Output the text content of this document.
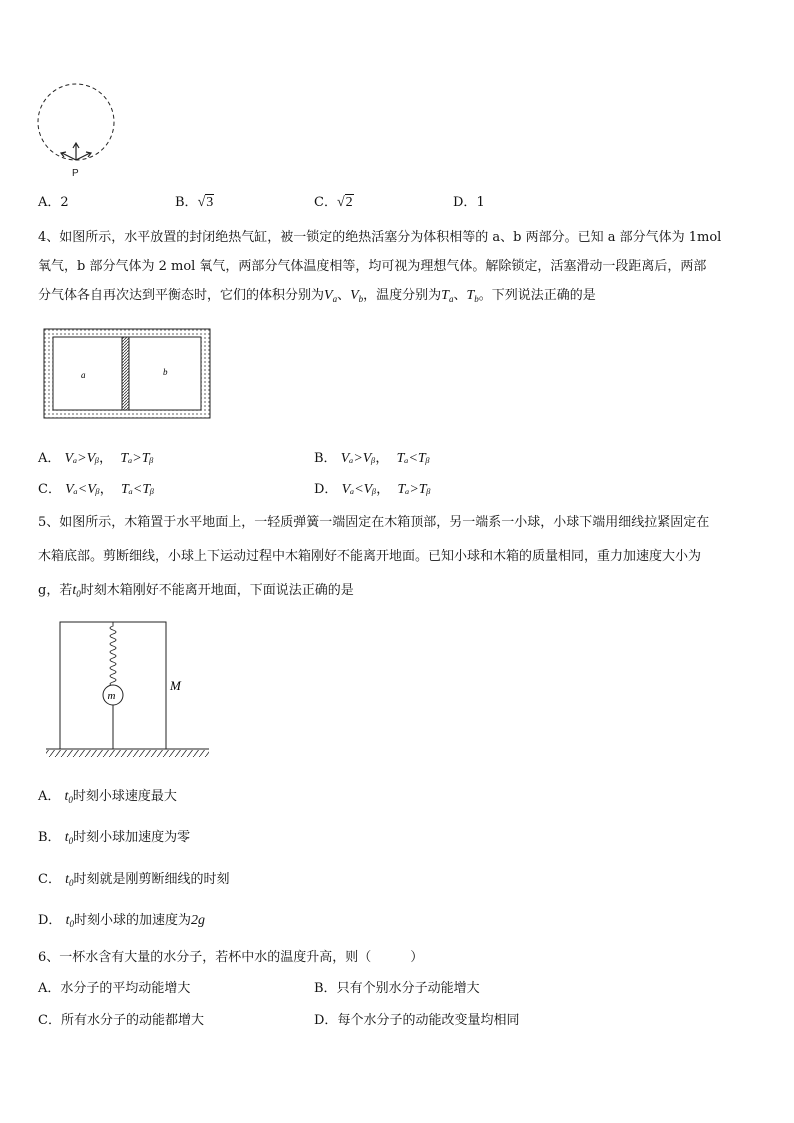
P
A．2	B．√3	C．√2	D．1
4、如图所示，水平放置的封闭绝热气缸，被一锁定的绝热活塞分为体积相等的 a、b 两部分。已知 a 部分气体为 1mol
氧气，b 部分气体为 2 mol 氧气，两部分气体温度相等，均可视为理想气体。解除锁定，活塞滑动一段距离后，两部
分气体各自再次达到平衡态时，它们的体积分别为$V_a$、$V_b$，温度分别为$T_a$、$T_b$。下列说法正确的是
a	b
A． Vₐ>Vᵦ，  Tₐ>Tᵦ	B． Vₐ>Vᵦ，  Tₐ<Tᵦ
C． Vₐ<Vᵦ，  Tₐ<Tᵦ	D． Vₐ<Vᵦ，  Tₐ>Tᵦ
5、如图所示，木箱置于水平地面上，一轻质弹簧一端固定在木箱顶部，另一端系一小球，小球下端用细线拉紧固定在
木箱底部。剪断细线，小球上下运动过程中木箱刚好不能离开地面。已知小球和木箱的质量相同，重力加速度大小为
g，若$t_0$时刻木箱刚好不能离开地面，下面说法正确的是
m
M
A． $t_0$时刻小球速度最大
B． $t_0$时刻小球加速度为零
C． $t_0$时刻就是刚剪断细线的时刻
D． $t_0$时刻小球的加速度为2g
6、一杯水含有大量的水分子，若杯中水的温度升高，则（　　　）
A．水分子的平均动能增大	B．只有个别水分子动能增大
C．所有水分子的动能都增大	D．每个水分子的动能改变量均相同
